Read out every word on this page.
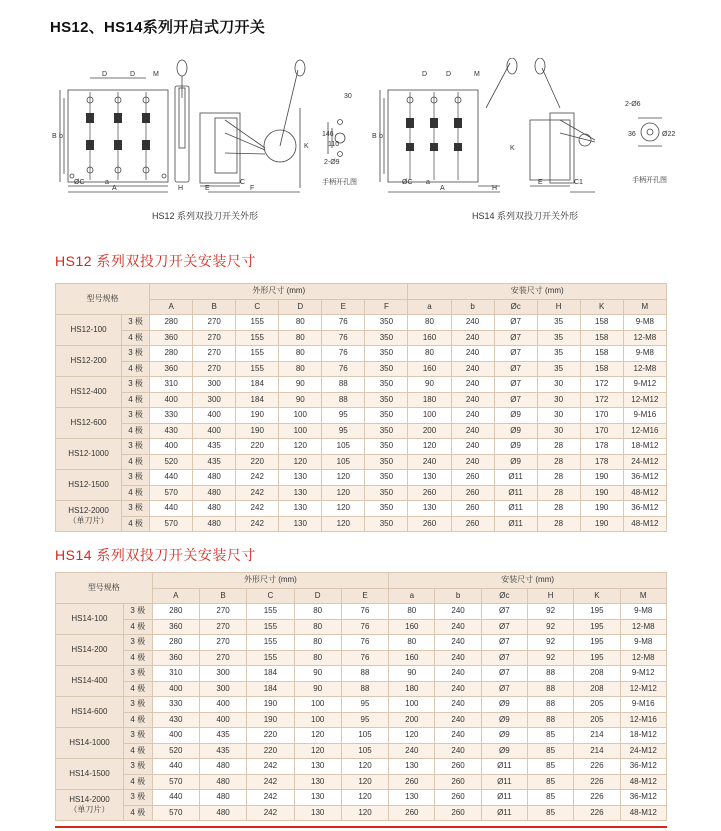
HS12、HS14系列开启式刀开关
D	D	M
B b
ØC	a
A	H	E
C
F
K
30
146
110
2-Ø9
手柄开孔图
HS12 系列双投刀开关外形
D	D	M
B b
ØC a
A	H
K
E	C1
2-Ø6
36	Ø22
手柄开孔图
HS14 系列双投刀开关外形
HS12 系列双投刀开关安装尺寸
型号规格		外形尺寸 (mm)						安装尺寸 (mm)					
		A	B	C	D	E	F	a	b	Øc	H	K	M

HS12-100	3 极	280	270	155	80	76	350	80	240	Ø7	35	158	9-M8
	4 极	360	270	155	80	76	350	160	240	Ø7	35	158	12-M8

HS12-200	3 极	280	270	155	80	76	350	80	240	Ø7	35	158	9-M8
	4 极	360	270	155	80	76	350	160	240	Ø7	35	158	12-M8

HS12-400	3 极	310	300	184	90	88	350	90	240	Ø7	30	172	9-M12
	4 极	400	300	184	90	88	350	180	240	Ø7	30	172	12-M12

HS12-600	3 极	330	400	190	100	95	350	100	240	Ø9	30	170	9-M16
	4 极	430	400	190	100	95	350	200	240	Ø9	30	170	12-M16

HS12-1000	3 极	400	435	220	120	105	350	120	240	Ø9	28	178	18-M12
	4 极	520	435	220	120	105	350	240	240	Ø9	28	178	24-M12

HS12-1500	3 极	440	480	242	130	120	350	130	260	Ø11	28	190	36-M12
	4 极	570	480	242	130	120	350	260	260	Ø11	28	190	48-M12

HS12-2000
（单刀片）	3 极	440	480	242	130	120	350	130	260	Ø11	28	190	36-M12
	4 极	570	480	242	130	120	350	260	260	Ø11	28	190	48-M12
HS14 系列双投刀开关安装尺寸
型号规格		外形尺寸 (mm)					安装尺寸 (mm)					
		A	B	C	D	E	a	b	Øc	H	K	M

HS14-100	3 极	280	270	155	80	76	80	240	Ø7	92	195	9-M8
	4 极	360	270	155	80	76	160	240	Ø7	92	195	12-M8

HS14-200	3 极	280	270	155	80	76	80	240	Ø7	92	195	9-M8
	4 极	360	270	155	80	76	160	240	Ø7	92	195	12-M8

HS14-400	3 极	310	300	184	90	88	90	240	Ø7	88	208	9-M12
	4 极	400	300	184	90	88	180	240	Ø7	88	208	12-M12

HS14-600	3 极	330	400	190	100	95	100	240	Ø9	88	205	9-M16
	4 极	430	400	190	100	95	200	240	Ø9	88	205	12-M16

HS14-1000	3 极	400	435	220	120	105	120	240	Ø9	85	214	18-M12
	4 极	520	435	220	120	105	240	240	Ø9	85	214	24-M12

HS14-1500	3 极	440	480	242	130	120	130	260	Ø11	85	226	36-M12
	4 极	570	480	242	130	120	260	260	Ø11	85	226	48-M12

HS14-2000
（单刀片）	3 极	440	480	242	130	120	130	260	Ø11	85	226	36-M12
	4 极	570	480	242	130	120	260	260	Ø11	85	226	48-M12
